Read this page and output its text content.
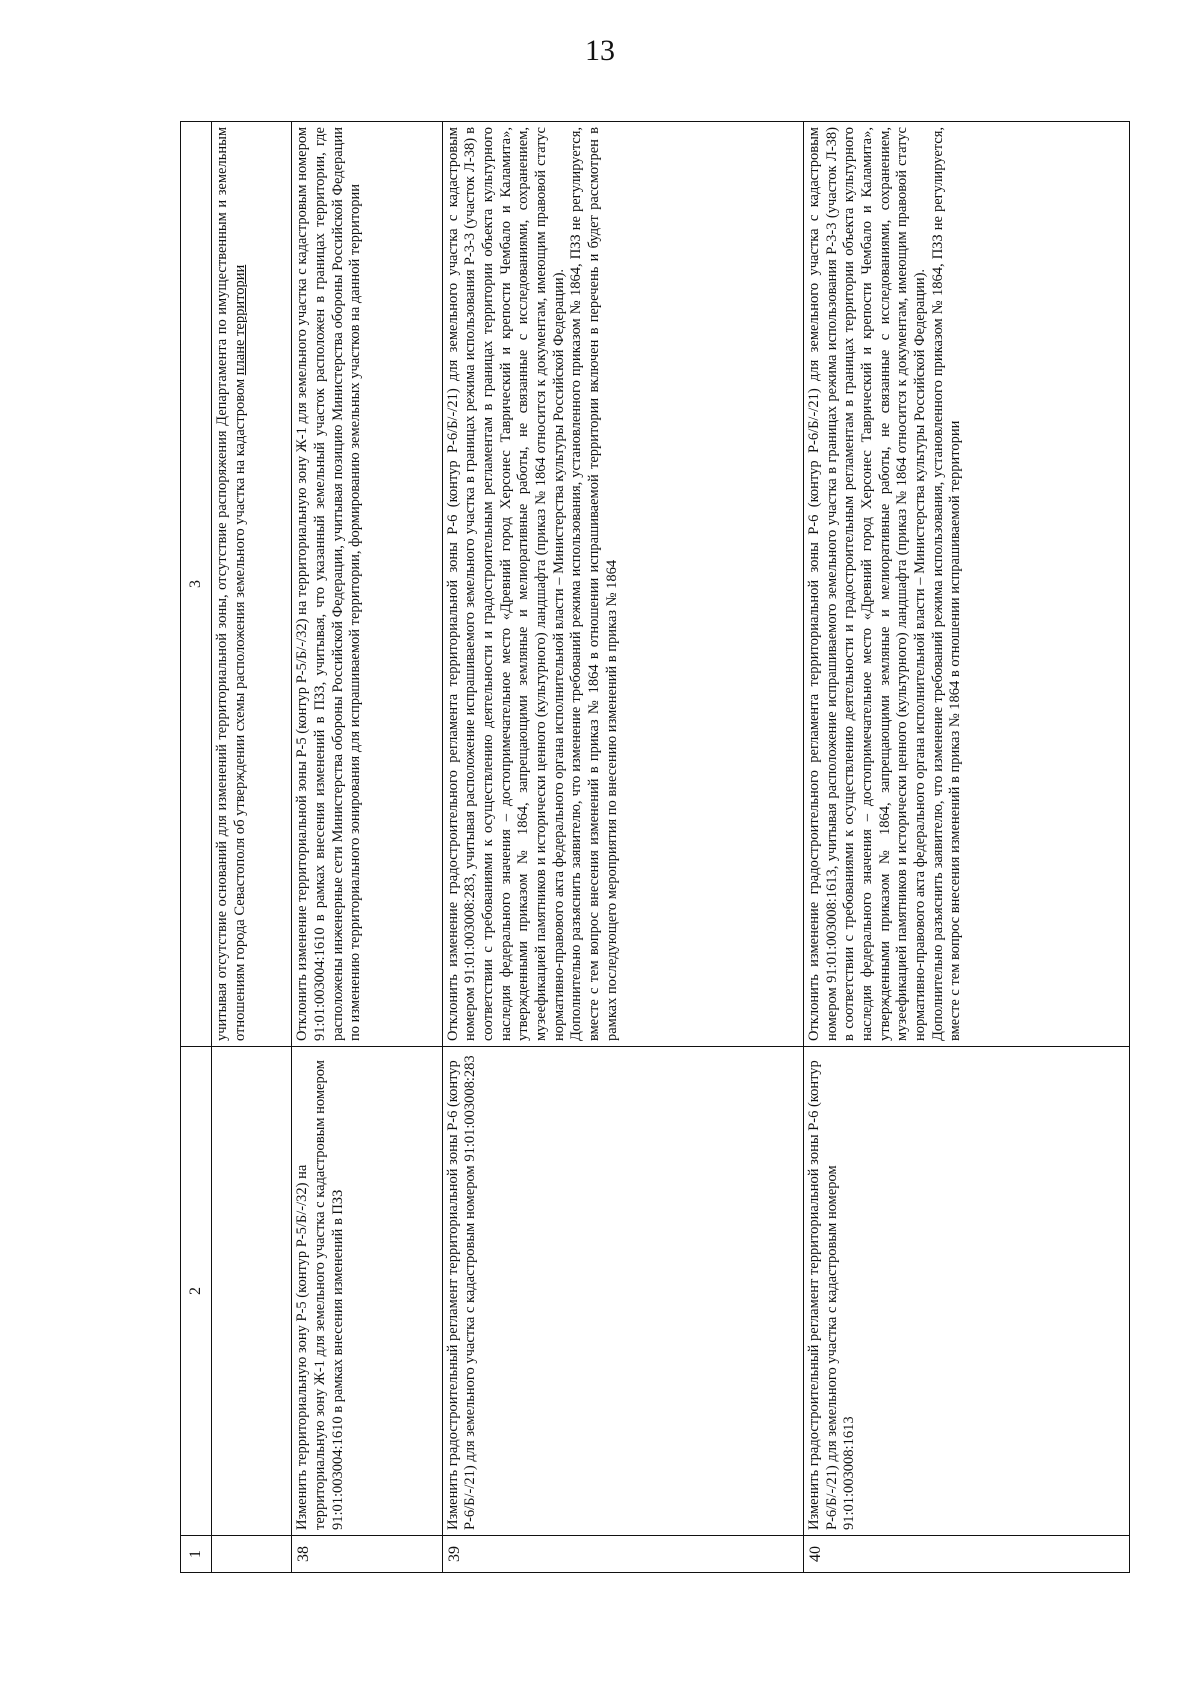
13
1	2	3
		учитывая отсутствие оснований для изменений территориальной зоны, отсутствие распоряжения Департамента по имущественным и земельным отношениям города Севастополя об утверждении схемы расположения земельного участка на кадастровом плане территории
38	Изменить территориальную зону Р-5 (контур Р-5/Б/-/32) на территориальную зону Ж-1 для земельного участка с кадастровым номером 91:01:003004:1610 в рамках внесения изменений в ПЗЗ	Отклонить изменение территориальной зоны Р-5 (контур Р-5/Б/-/32) на территориальную зону Ж-1 для земельного участка с кадастровым номером 91:01:003004:1610 в рамках внесения изменений в ПЗЗ, учитывая, что указанный земельный участок расположен в границах территории, где расположены инженерные сети Министерства обороны Российской Федерации, учитывая позицию Министерства обороны Российской Федерации по изменению территориального зонирования для испрашиваемой территории, формированию земельных участков на данной территории
39	Изменить градостроительный регламент территориальной зоны Р-6 (контур Р-6/Б/-/21) для земельного участка с кадастровым номером 91:01:003008:283	Отклонить изменение градостроительного регламента территориальной зоны Р-6 (контур Р-6/Б/-/21) для земельного участка с кадастровым номером 91:01:003008:283, учитывая расположение испрашиваемого земельного участка в границах режима использования Р-3-3 (участок Л-38) в соответствии с требованиями к осуществлению деятельности и градостроительным регламентам в границах территории объекта культурного наследия федерального значения – достопримечательное место «Древний город Херсонес Таврический и крепости Чембало и Каламита», утвержденными приказом № 1864, запрещающими земляные и мелиоративные работы, не связанные с исследованиями, сохранением, музеефикацией памятников и исторически ценного (культурного) ландшафта (приказ № 1864 относится к документам, имеющим правовой статус нормативно-правового акта федерального органа исполнительной власти – Министерства культуры Российской Федерации). Дополнительно разъяснить заявителю, что изменение требований режима использования, установленного приказом № 1864, ПЗЗ не регулируется, вместе с тем вопрос внесения изменений в приказ № 1864 в отношении испрашиваемой территории включен в перечень и будет рассмотрен в рамках последующего мероприятия по внесению изменений в приказ № 1864

40	Изменить градостроительный регламент территориальной зоны Р-6 (контур Р-6/Б/-/21) для земельного участка с кадастровым номером 91:01:003008:1613	Отклонить изменение градостроительного регламента территориальной зоны Р-6 (контур Р-6/Б/-/21) для земельного участка с кадастровым номером 91:01:003008:1613, учитывая расположение испрашиваемого земельного участка в границах режима использования Р-3-3 (участок Л-38) в соответствии с требованиями к осуществлению деятельности и градостроительным регламентам в границах территории объекта культурного наследия федерального значения – достопримечательное место «Древний город Херсонес Таврический и крепости Чембало и Каламита», утвержденными приказом № 1864, запрещающими земляные и мелиоративные работы, не связанные с исследованиями, сохранением, музеефикацией памятников и исторически ценного (культурного) ландшафта (приказ № 1864 относится к документам, имеющим правовой статус нормативно-правового акта федерального органа исполнительной власти – Министерства культуры Российской Федерации). Дополнительно разъяснить заявителю, что изменение требований режима использования, установленного приказом № 1864, ПЗЗ не регулируется, вместе с тем вопрос внесения изменений в приказ № 1864 в отношении испрашиваемой территории
